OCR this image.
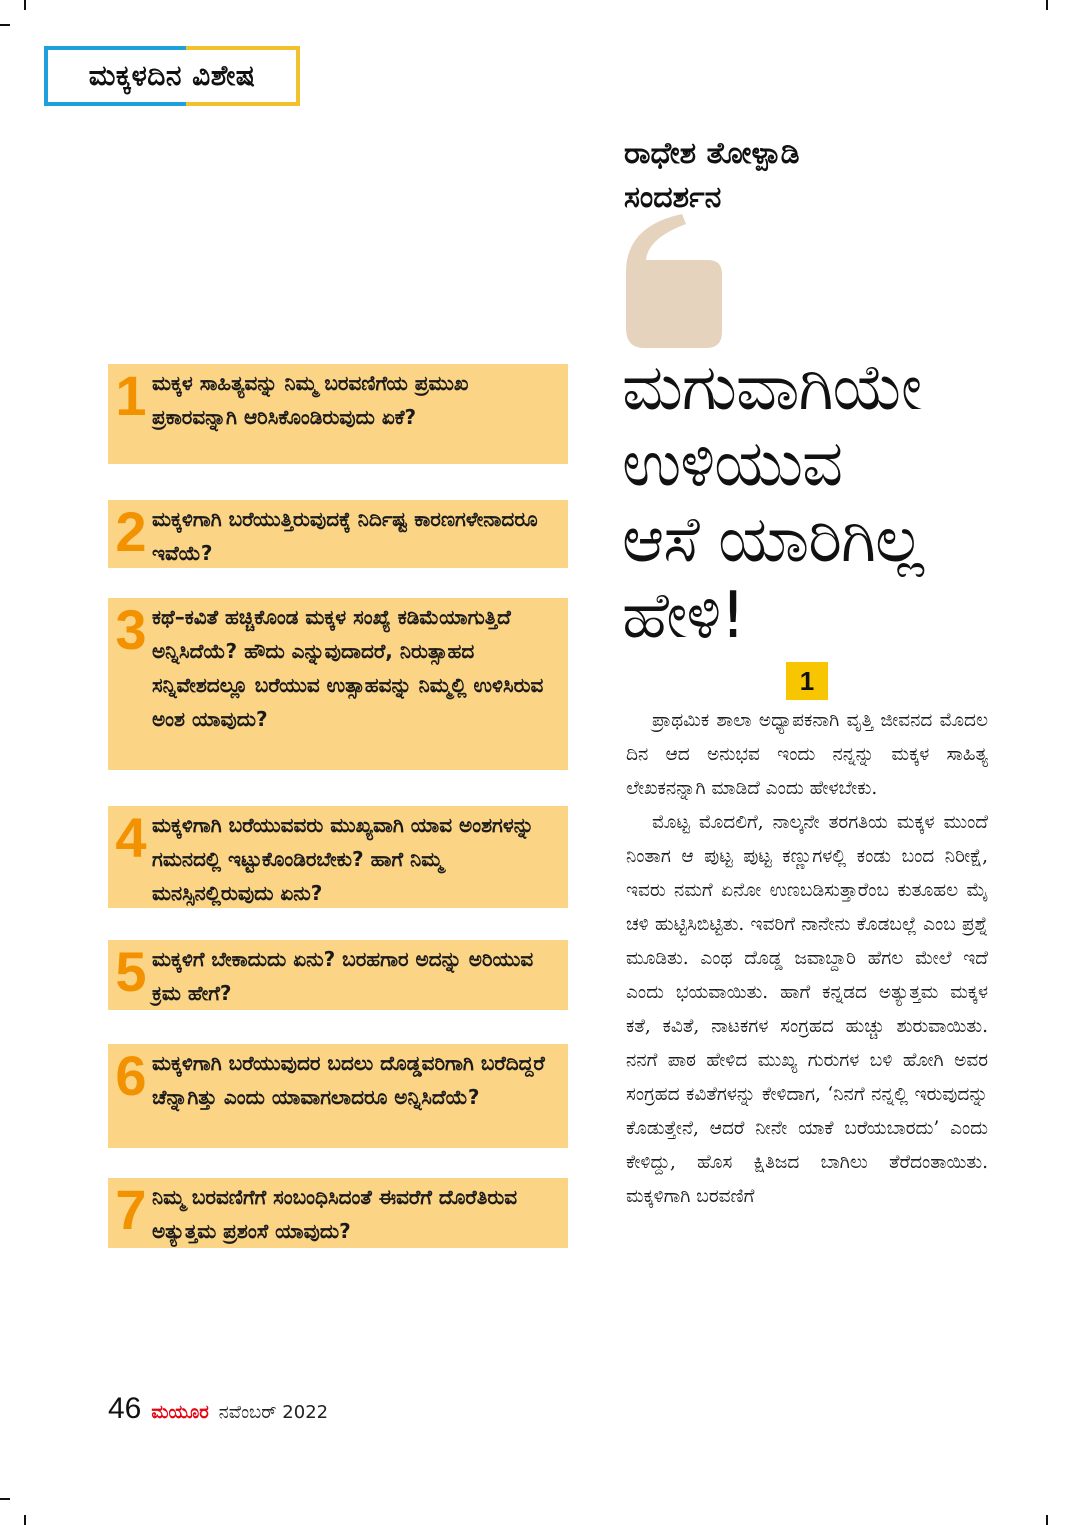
ಮಕ್ಕಳದಿನ ವಿಶೇಷ
ರಾಧೇಶ ತೋಳ್ಪಾಡಿ
ಸಂದರ್ಶನ
ಮಗುವಾಗಿಯೇ
ಉಳಿಯುವ
ಆಸೆ ಯಾರಿಗಿಲ್ಲ
ಹೇಳಿ!
1 ಮಕ್ಕಳ ಸಾಹಿತ್ಯವನ್ನು ನಿಮ್ಮ ಬರವಣಿಗೆಯ ಪ್ರಮುಖ ಪ್ರಕಾರವನ್ನಾಗಿ ಆರಿಸಿಕೊಂಡಿರುವುದು ಏಕೆ?
2 ಮಕ್ಕಳಿಗಾಗಿ ಬರೆಯುತ್ತಿರುವುದಕ್ಕೆ ನಿರ್ದಿಷ್ಟ ಕಾರಣಗಳೇನಾದರೂ ಇವೆಯೆ?
3 ಕಥೆ–ಕವಿತೆ ಹಚ್ಚಿಕೊಂಡ ಮಕ್ಕಳ ಸಂಖ್ಯೆ ಕಡಿಮೆಯಾಗುತ್ತಿದೆ ಅನ್ನಿಸಿದೆಯೆ? ಹೌದು ಎನ್ನುವುದಾದರೆ, ನಿರುತ್ಸಾಹದ ಸನ್ನಿವೇಶದಲ್ಲೂ ಬರೆಯುವ ಉತ್ಸಾಹವನ್ನು ನಿಮ್ಮಲ್ಲಿ ಉಳಿಸಿರುವ ಅಂಶ ಯಾವುದು?
4 ಮಕ್ಕಳಿಗಾಗಿ ಬರೆಯುವವರು ಮುಖ್ಯವಾಗಿ ಯಾವ ಅಂಶಗಳನ್ನು ಗಮನದಲ್ಲಿ ಇಟ್ಟುಕೊಂಡಿರಬೇಕು? ಹಾಗೆ ನಿಮ್ಮ ಮನಸ್ಸಿನಲ್ಲಿರುವುದು ಏನು?
5 ಮಕ್ಕಳಿಗೆ ಬೇಕಾದುದು ಏನು? ಬರಹಗಾರ ಅದನ್ನು ಅರಿಯುವ ಕ್ರಮ ಹೇಗೆ?
6 ಮಕ್ಕಳಿಗಾಗಿ ಬರೆಯುವುದರ ಬದಲು ದೊಡ್ಡವರಿಗಾಗಿ ಬರೆದಿದ್ದರೆ ಚೆನ್ನಾಗಿತ್ತು ಎಂದು ಯಾವಾಗಲಾದರೂ ಅನ್ನಿಸಿದೆಯೆ?
7 ನಿಮ್ಮ ಬರವಣಿಗೆಗೆ ಸಂಬಂಧಿಸಿದಂತೆ ಈವರೆಗೆ ದೊರೆತಿರುವ ಅತ್ಯುತ್ತಮ ಪ್ರಶಂಸೆ ಯಾವುದು?
1

ಪ್ರಾಥಮಿಕ ಶಾಲಾ ಅಧ್ಯಾಪಕನಾಗಿ ವೃತ್ತಿ ಜೀವನದ ಮೊದಲ ದಿನ ಆದ ಅನುಭವ ಇಂದು ನನ್ನನ್ನು ಮಕ್ಕಳ ಸಾಹಿತ್ಯ ಲೇಖಕನನ್ನಾಗಿ ಮಾಡಿದೆ ಎಂದು ಹೇಳಬೇಕು.

ಮೊಟ್ಟ ಮೊದಲಿಗೆ, ನಾಲ್ಕನೇ ತರಗತಿಯ ಮಕ್ಕಳ ಮುಂದೆ ನಿಂತಾಗ ಆ ಪುಟ್ಟ ಪುಟ್ಟ ಕಣ್ಣುಗಳಲ್ಲಿ ಕಂಡು ಬಂದ ನಿರೀಕ್ಷೆ, ಇವರು ನಮಗೆ ಏನೋ ಉಣಬಡಿಸುತ್ತಾರೆಂಬ ಕುತೂಹಲ ಮೈ ಚಳಿ ಹುಟ್ಟಿಸಿಬಿಟ್ಟಿತು. ಇವರಿಗೆ ನಾನೇನು ಕೊಡಬಲ್ಲೆ ಎಂಬ ಪ್ರಶ್ನೆ ಮೂಡಿತು. ಎಂಥ ದೊಡ್ಡ ಜವಾಬ್ದಾರಿ ಹೆಗಲ ಮೇಲೆ ಇದೆ ಎಂದು ಭಯವಾಯಿತು. ಹಾಗೆ ಕನ್ನಡದ ಅತ್ಯುತ್ತಮ ಮಕ್ಕಳ ಕತೆ, ಕವಿತೆ, ನಾಟಕಗಳ ಸಂಗ್ರಹದ ಹುಚ್ಚು ಶುರುವಾಯಿತು. ನನಗೆ ಪಾಠ ಹೇಳಿದ ಮುಖ್ಯ ಗುರುಗಳ ಬಳಿ ಹೋಗಿ ಅವರ ಸಂಗ್ರಹದ ಕವಿತೆಗಳನ್ನು ಕೇಳಿದಾಗ, ‘ನಿನಗೆ ನನ್ನಲ್ಲಿ ಇರುವುದನ್ನು ಕೊಡುತ್ತೇನೆ, ಆದರೆ ನೀನೇ ಯಾಕೆ ಬರೆಯಬಾರದು’ ಎಂದು ಕೇಳಿದ್ದು, ಹೊಸ ಕ್ಷಿತಿಜದ ಬಾಗಿಲು ತೆರೆದಂತಾಯಿತು. ಮಕ್ಕಳಿಗಾಗಿ ಬರವಣಿಗೆ

46 ಮಯೂರ ನವೆಂಬರ್ 2022
